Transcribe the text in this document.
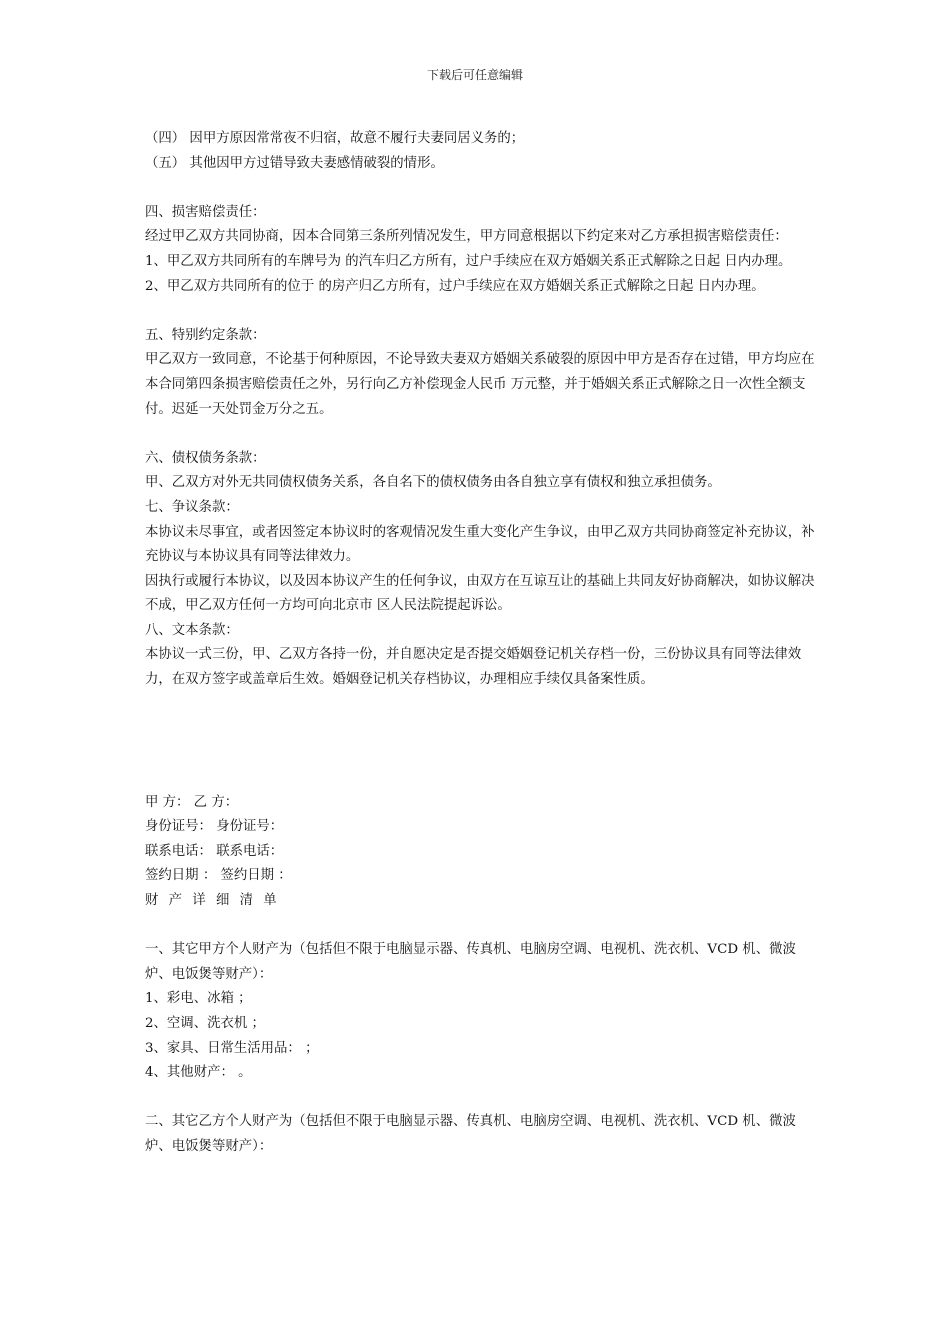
下载后可任意编辑

（四） 因甲方原因常常夜不归宿，故意不履行夫妻同居义务的；

（五） 其他因甲方过错导致夫妻感情破裂的情形。

四、损害赔偿责任：

经过甲乙双方共同协商，因本合同第三条所列情况发生，甲方同意根据以下约定来对乙方承担损害赔偿责任：

1、甲乙双方共同所有的车牌号为 的汽车归乙方所有，过户手续应在双方婚姻关系正式解除之日起 日内办理。

2、甲乙双方共同所有的位于 的房产归乙方所有，过户手续应在双方婚姻关系正式解除之日起 日内办理。

五、特别约定条款：

甲乙双方一致同意，不论基于何种原因，不论导致夫妻双方婚姻关系破裂的原因中甲方是否存在过错，甲方均应在本合同第四条损害赔偿责任之外，另行向乙方补偿现金人民币 万元整，并于婚姻关系正式解除之日一次性全额支付。迟延一天处罚金万分之五。

六、债权债务条款：

甲、乙双方对外无共同债权债务关系，各自名下的债权债务由各自独立享有债权和独立承担债务。

七、争议条款：

本协议未尽事宜，或者因签定本协议时的客观情况发生重大变化产生争议，由甲乙双方共同协商签定补充协议，补充协议与本协议具有同等法律效力。

因执行或履行本协议，以及因本协议产生的任何争议，由双方在互谅互让的基础上共同友好协商解决，如协议解决不成，甲乙双方任何一方均可向北京市 区人民法院提起诉讼。

八、文本条款：

本协议一式三份，甲、乙双方各持一份，并自愿决定是否提交婚姻登记机关存档一份，三份协议具有同等法律效力，在双方签字或盖章后生效。婚姻登记机关存档协议，办理相应手续仅具备案性质。

甲 方： 乙 方：

身份证号： 身份证号：

联系电话： 联系电话：

签约日期 ： 签约日期 ：

财 产 详 细 清 单

一、其它甲方个人财产为（包括但不限于电脑显示器、传真机、电脑房空调、电视机、洗衣机、VCD 机、微波炉、电饭煲等财产）：

1、彩电、冰箱 ；

2、空调、洗衣机 ；

3、家具、日常生活用品： ；

4、其他财产： 。

二、其它乙方个人财产为（包括但不限于电脑显示器、传真机、电脑房空调、电视机、洗衣机、VCD 机、微波炉、电饭煲等财产）：
